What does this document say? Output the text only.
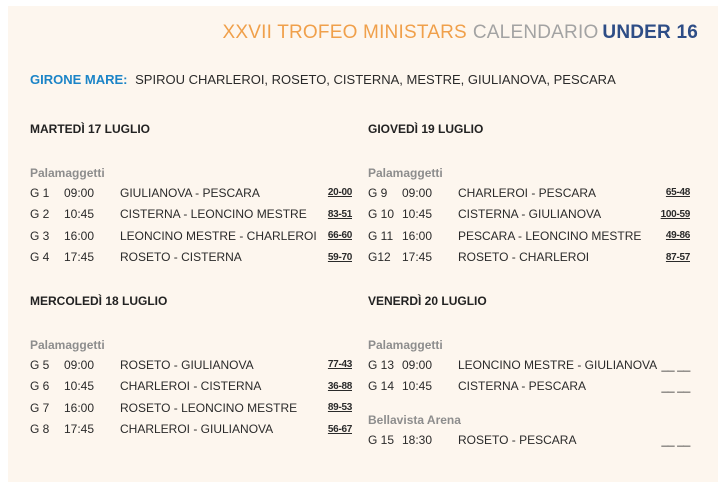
XXVII TROFEO MINISTARS CALENDARIO UNDER 16
GIRONE MARE: SPIROU CHARLEROI, ROSETO, CISTERNA, MESTRE, GIULIANOVA, PESCARA
MARTEDÌ 17 LUGLIO
Palamaggetti
G 1	09:00	GIULIANOVA - PESCARA	20-00
G 2	10:45	CISTERNA - LEONCINO MESTRE	83-51
G 3	16:00	LEONCINO MESTRE - CHARLEROI	66-60
G 4	17:45	ROSETO - CISTERNA	59-70
GIOVEDÌ 19 LUGLIO
Palamaggetti
G 9	09:00	CHARLEROI - PESCARA	65-48
G 10 10:45	CISTERNA - GIULIANOVA	100-59
G 11 16:00	PESCARA - LEONCINO MESTRE	49-86
G12 17:45	ROSETO - CHARLEROI	87-57
MERCOLEDÌ 18 LUGLIO
Palamaggetti
G 5	09:00	ROSETO - GIULIANOVA	77-43
G 6	10:45	CHARLEROI - CISTERNA	36-88
G 7	16:00	ROSETO - LEONCINO MESTRE	89-53
G 8	17:45	CHARLEROI - GIULIANOVA	56-67
VENERDÌ 20 LUGLIO
Palamaggetti
G 13 09:00	LEONCINO MESTRE - GIULIANOVA __ __
G 14 10:45	CISTERNA - PESCARA	__ __
Bellavista Arena
G 15 18:30	ROSETO - PESCARA	__ __
